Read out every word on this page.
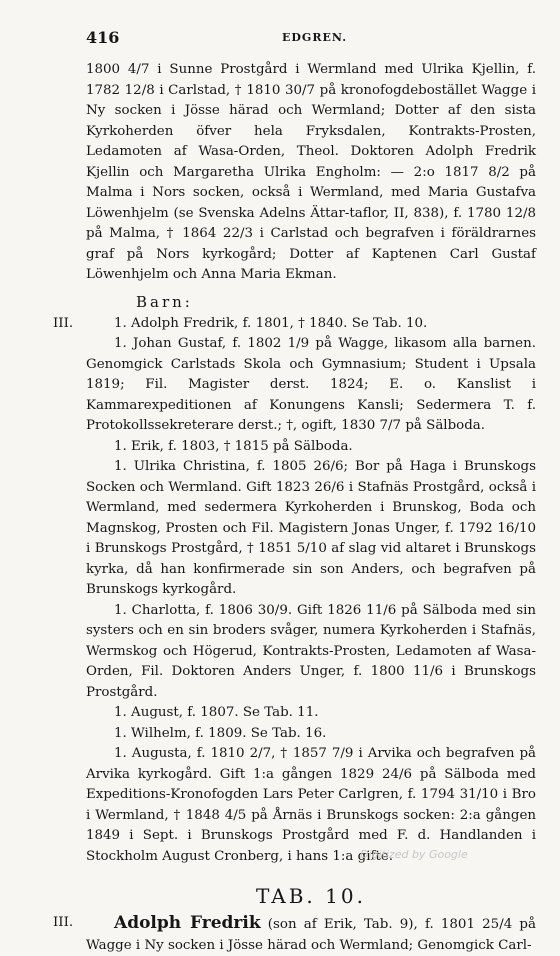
416	EDGREN.

1800 4/7 i Sunne Prostgård i Wermland med Ulrika Kjellin, f. 1782 12/8 i Carlstad, † 1810 30/7 på kronofogdebostället Wagge i Ny socken i Jösse härad och Wermland; Dotter af den sista Kyrkoherden öfver hela Fryksdalen, Kontrakts-Prosten, Ledamoten af Wasa-Orden, Theol. Doktoren Adolph Fredrik Kjellin och Margaretha Ulrika Engholm: — 2:o 1817 8/2 på Malma i Nors socken, också i Wermland, med Maria Gustafva Löwenhjelm (se Svenska Adelns Ättar-taflor, II, 838), f. 1780 12/8 på Malma, † 1864 22/3 i Carlstad och begrafven i föräldrarnes graf på Nors kyrkogård; Dotter af Kaptenen Carl Gustaf Löwenhjelm och Anna Maria Ekman.

Barn:
III.	1. Adolph Fredrik, f. 1801, † 1840. Se Tab. 10.

1. Johan Gustaf, f. 1802 1/9 på Wagge, likasom alla barnen. Genomgick Carlstads Skola och Gymnasium; Student i Upsala 1819; Fil. Magister derst. 1824; E. o. Kanslist i Kammarexpeditionen af Konungens Kansli; Sedermera T. f. Protokollssekreterare derst.; †, ogift, 1830 7/7 på Sälboda.

1. Erik, f. 1803, † 1815 på Sälboda.

1. Ulrika Christina, f. 1805 26/6; Bor på Haga i Brunskogs Socken och Wermland. Gift 1823 26/6 i Stafnäs Prostgård, också i Wermland, med sedermera Kyrkoherden i Brunskog, Boda och Magnskog, Prosten och Fil. Magistern Jonas Unger, f. 1792 16/10 i Brunskogs Prostgård, † 1851 5/10 af slag vid altaret i Brunskogs kyrka, då han konfirmerade sin son Anders, och begrafven på Brunskogs kyrkogård.

1. Charlotta, f. 1806 30/9. Gift 1826 11/6 på Sälboda med sin systers och en sin broders svåger, numera Kyrkoherden i Stafnäs, Wermskog och Högerud, Kontrakts-Prosten, Ledamoten af Wasa-Orden, Fil. Doktoren Anders Unger, f. 1800 11/6 i Brunskogs Prostgård.

1. August, f. 1807. Se Tab. 11.

1. Wilhelm, f. 1809. Se Tab. 16.

1. Augusta, f. 1810 2/7, † 1857 7/9 i Arvika och begrafven på Arvika kyrkogård. Gift 1:a gången 1829 24/6 på Sälboda med Expeditions-Kronofogden Lars Peter Carlgren, f. 1794 31/10 i Bro i Wermland, † 1848 4/5 på Årnäs i Brunskogs socken: 2:a gången 1849 i Sept. i Brunskogs Prostgård med F. d. Handlanden i Stockholm August Cronberg, i hans 1:a gifte.

TAB. 10.
III.	Adolph Fredrik (son af Erik, Tab. 9), f. 1801 25/4 på Wagge i Ny socken i Jösse härad och Wermland; Genomgick Carl-

Digitized by Google
